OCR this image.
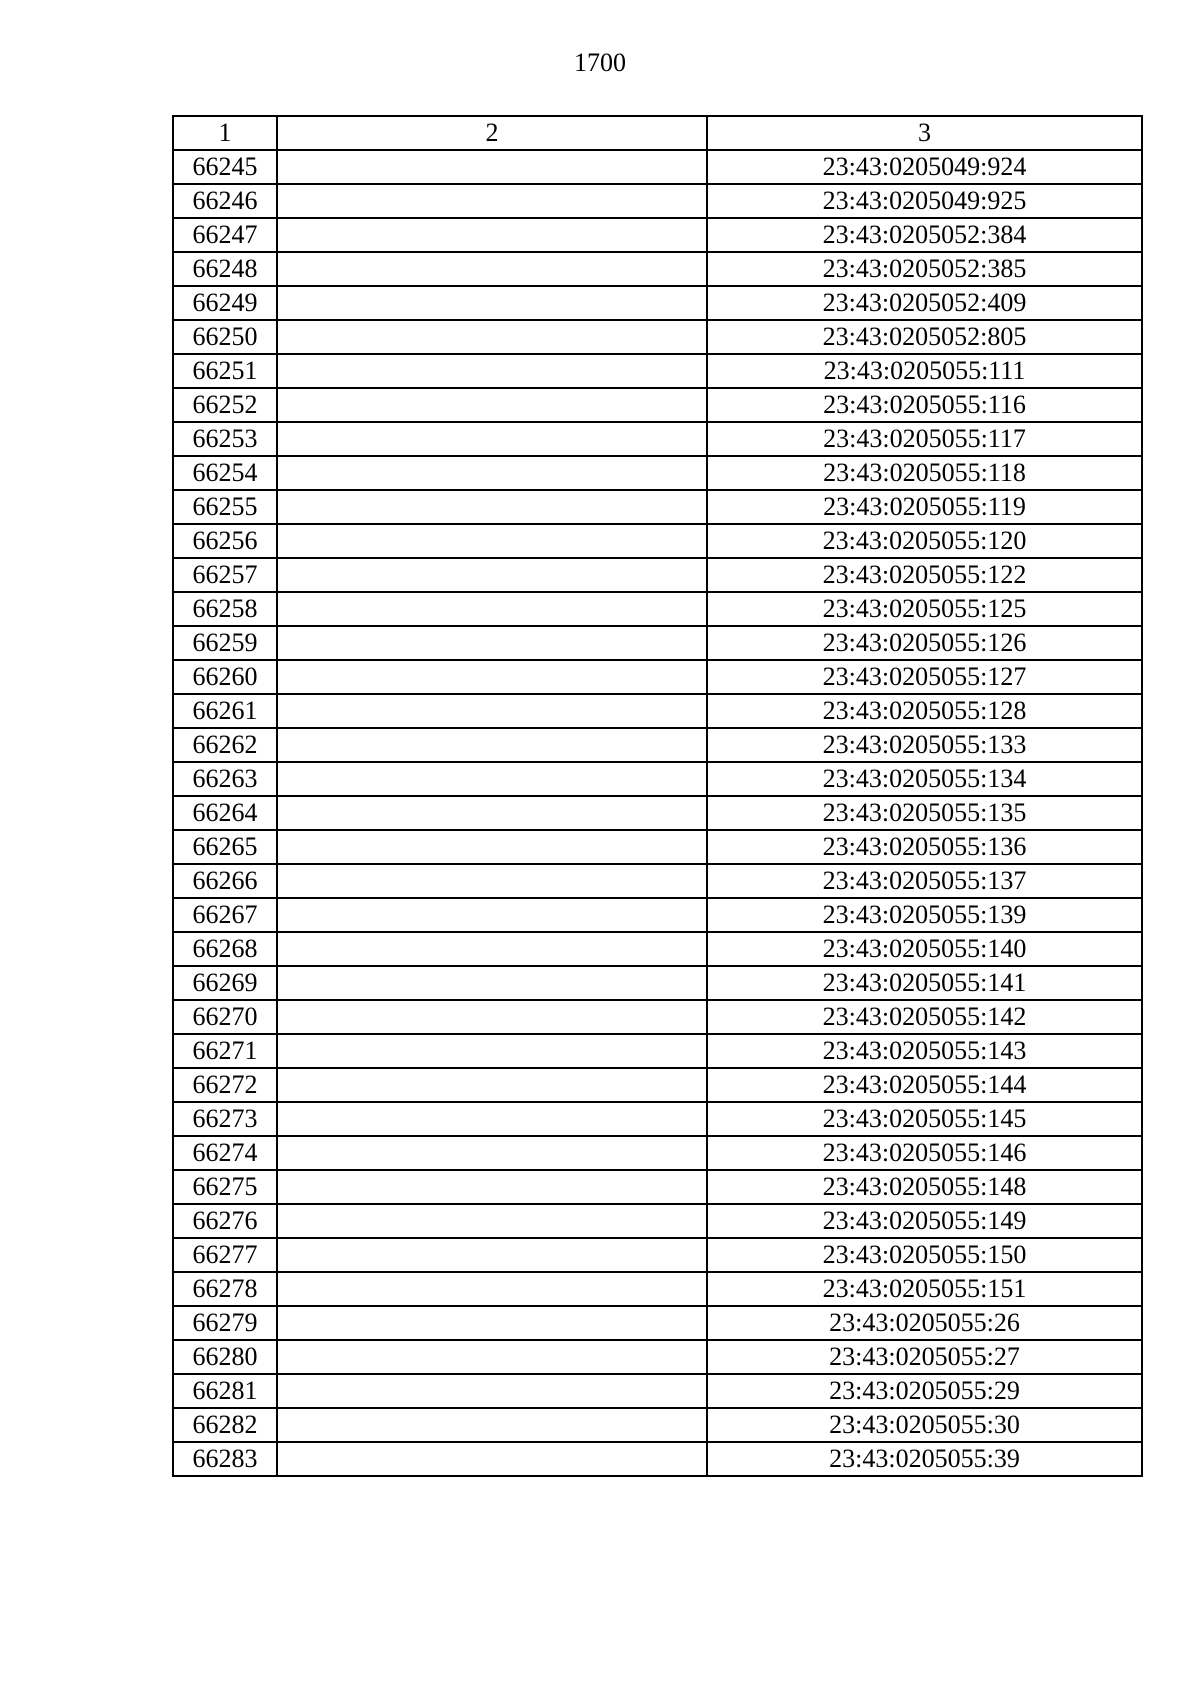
1700
1	2	3
66245		23:43:0205049:924
66246		23:43:0205049:925
66247		23:43:0205052:384
66248		23:43:0205052:385
66249		23:43:0205052:409
66250		23:43:0205052:805
66251		23:43:0205055:111
66252		23:43:0205055:116
66253		23:43:0205055:117
66254		23:43:0205055:118
66255		23:43:0205055:119
66256		23:43:0205055:120
66257		23:43:0205055:122
66258		23:43:0205055:125
66259		23:43:0205055:126
66260		23:43:0205055:127
66261		23:43:0205055:128
66262		23:43:0205055:133
66263		23:43:0205055:134
66264		23:43:0205055:135
66265		23:43:0205055:136
66266		23:43:0205055:137
66267		23:43:0205055:139
66268		23:43:0205055:140
66269		23:43:0205055:141
66270		23:43:0205055:142
66271		23:43:0205055:143
66272		23:43:0205055:144
66273		23:43:0205055:145
66274		23:43:0205055:146
66275		23:43:0205055:148
66276		23:43:0205055:149
66277		23:43:0205055:150
66278		23:43:0205055:151
66279		23:43:0205055:26
66280		23:43:0205055:27
66281		23:43:0205055:29
66282		23:43:0205055:30
66283		23:43:0205055:39
